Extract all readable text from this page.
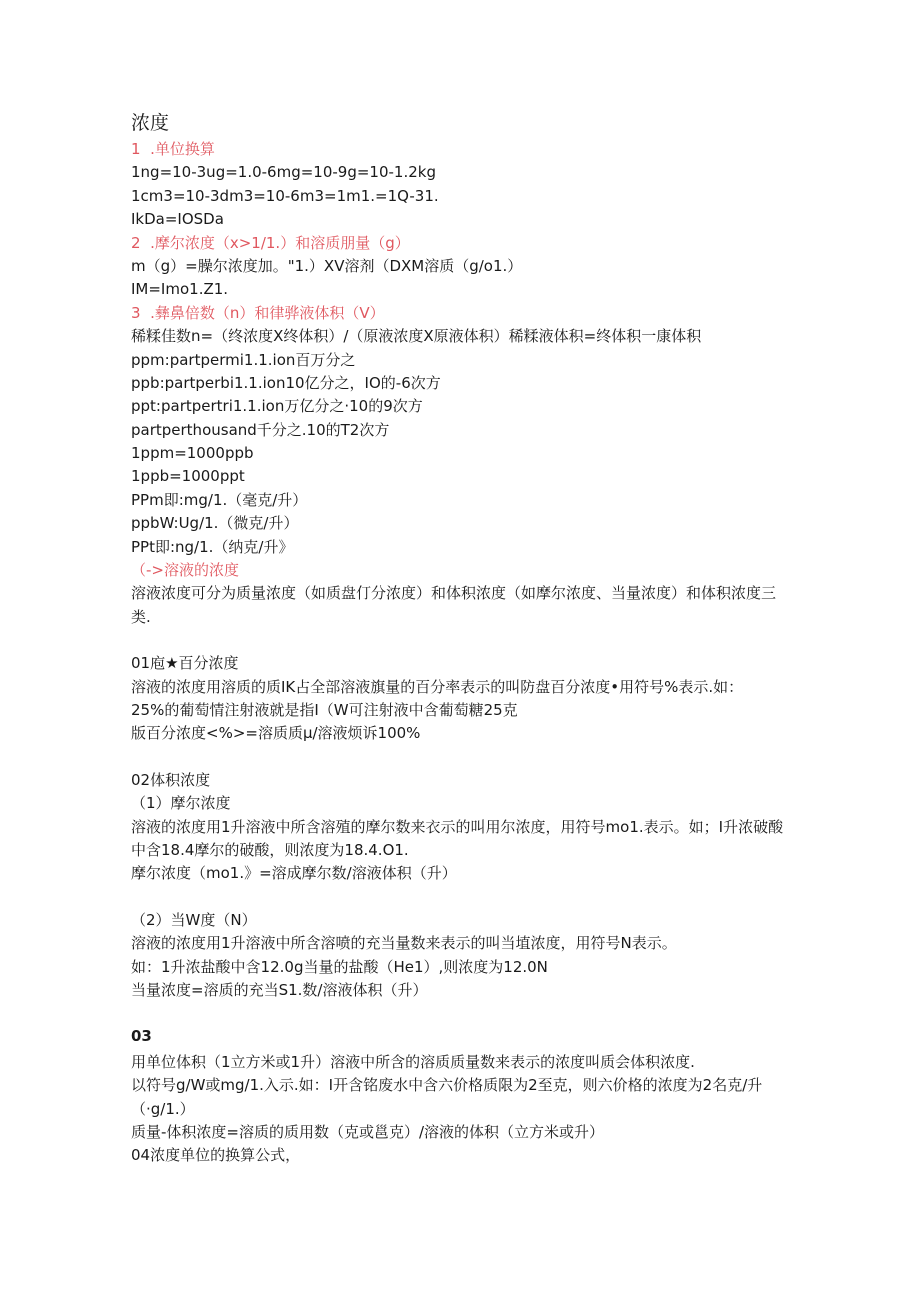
浓度
1  .单位换算
1ng=10-3ug=1.0-6mg=10-9g=10-1.2kg
1cm3=10-3dm3=10-6m3=1m1.=1Q-31.
IkDa=IOSDa
2  .摩尔浓度（x>1/1.）和溶质朋量（g）
m（g）=臊尔浓度加。"1.）XV溶剂（DXM溶质（g∕o1.）
IM=Imo1.Z1.
3  .彝鼻倍数（n）和律骅液体积（V）
稀糅佳数n=（终浓度X终体积）/（原液浓度X原液体积）稀糅液体积=终体积一康体积
ppm:partpermi1.1.ion百万分之
ppb:partperbi1.1.ion10亿分之，IO的-6次方
ppt:partpertri1.1.ion万亿分之·10的9次方
partperthousand千分之.10的T2次方
1ppm=1000ppb
1ppb=1000ppt
PPm即:mg/1.（毫克/升）
ppbW:Ug∕1.（微克/升）
PPt即:ng/1.（纳克/升》
（->溶液的浓度
溶液浓度可分为质量浓度（如质盘仃分浓度）和体积浓度（如摩尔浓度、当量浓度）和体积浓度三类.
01庖★百分浓度
溶液的浓度用溶质的质IK占全部溶液旗量的百分率表示的叫防盘百分浓度•用符号%表示.如：
25%的葡萄情注射液就是指I（W可注射液中含葡萄糖25克
版百分浓度<%>=溶质质μ/溶液烦诉100%
02体积浓度
（1）摩尔浓度
溶液的浓度用1升溶液中所含溶殖的摩尔数来衣示的叫用尔浓度，用符号mo1.表示。如；I升浓破酸中含18.4摩尔的破酸，则浓度为18.4.O1.
摩尔浓度（mo1.》=溶成摩尔数/溶液体积（升）
（2）当W度（N）
溶液的浓度用1升溶液中所含溶喷的充当量数来表示的叫当埴浓度，用符号N表示。
如：1升浓盐酸中含12.0g当量的盐酸（He1）,则浓度为12.0N
当量浓度=溶质的充当S1.数/溶液体积（升）
03
用单位体积（1立方米或1升）溶液中所含的溶质质量数来表示的浓度叫质会体积浓度.
以符号g/W或mg/1.入示.如：I开含铭废水中含六价格质限为2至克，则六价格的浓度为2名克/升（·g/1.）
质量-体积浓度=溶质的质用数（克或邕克）/溶液的体积（立方米或升）
04浓度单位的换算公式，
